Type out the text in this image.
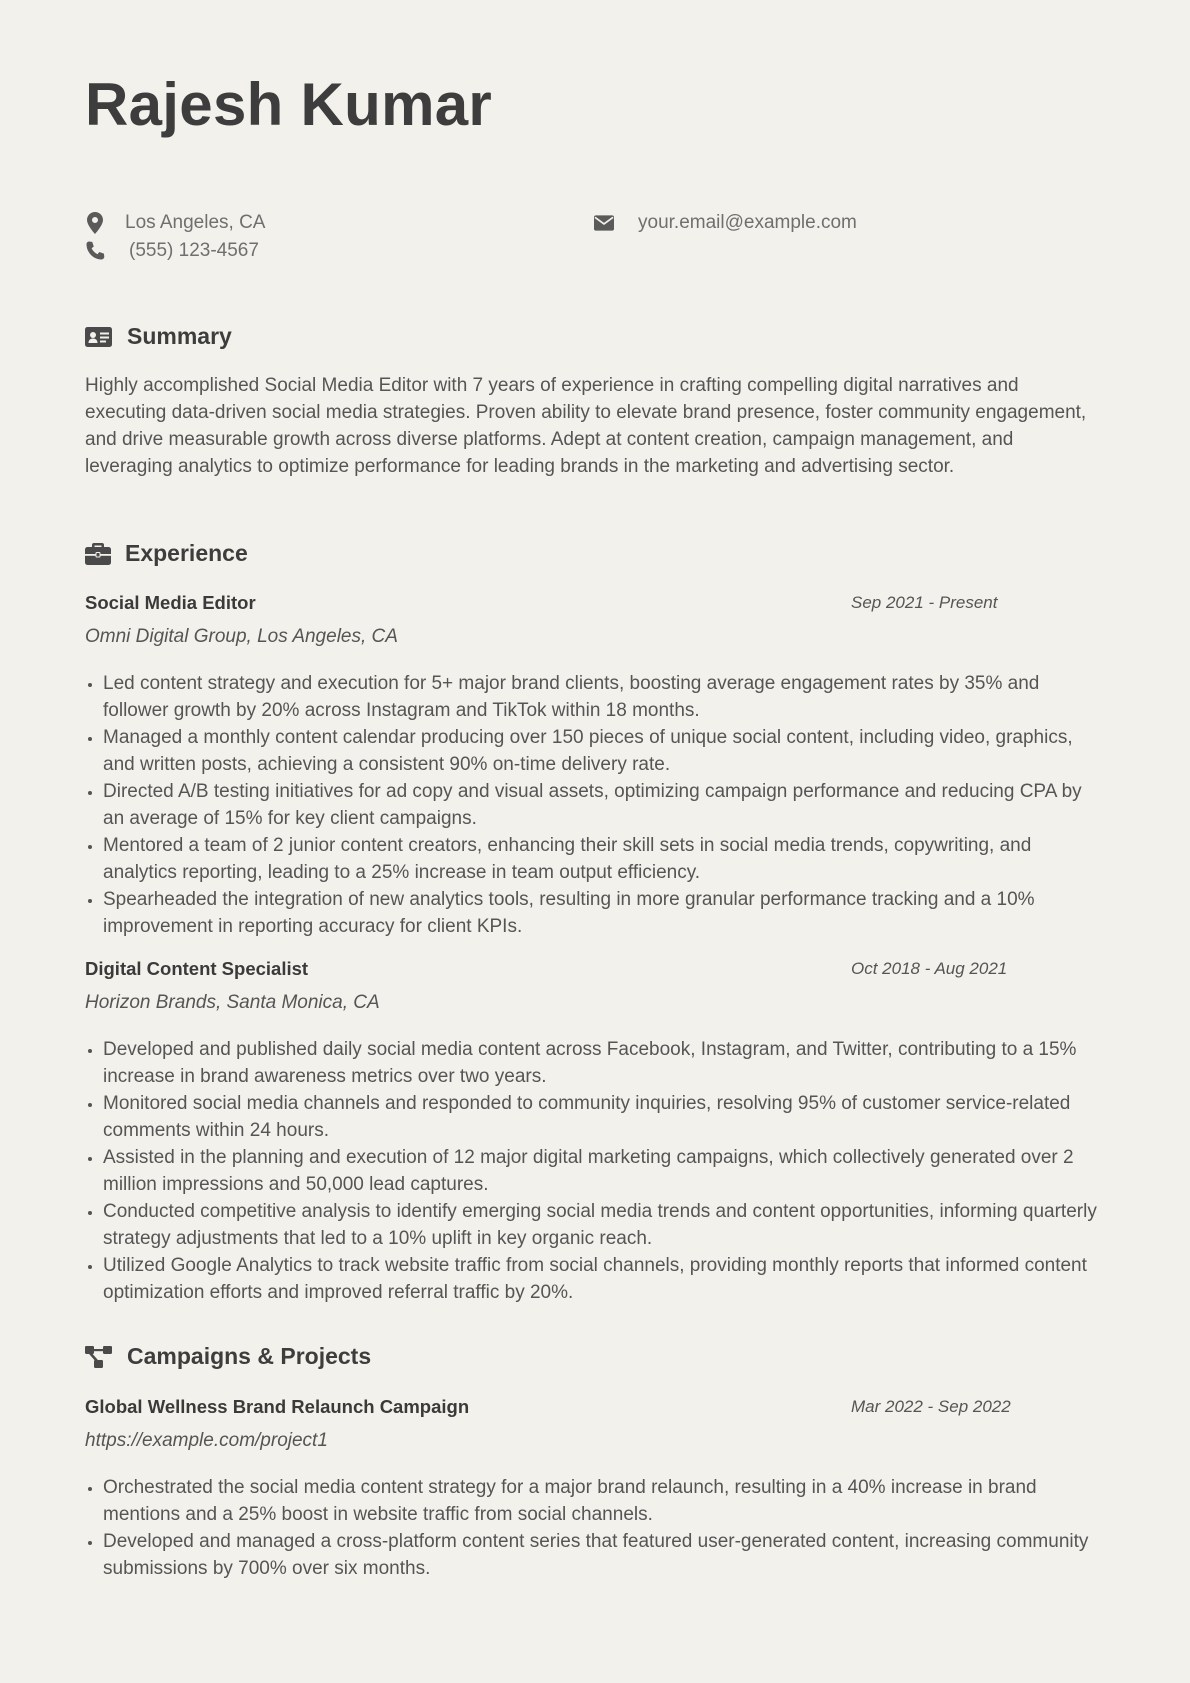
Rajesh Kumar
Los Angeles, CA
(555) 123-4567
your.email@example.com
Summary

Highly accomplished Social Media Editor with 7 years of experience in crafting compelling digital narratives and executing data-driven social media strategies. Proven ability to elevate brand presence, foster community engagement, and drive measurable growth across diverse platforms. Adept at content creation, campaign management, and leveraging analytics to optimize performance for leading brands in the marketing and advertising sector.

Experience
Social Media Editor	Sep 2021 - Present
Omni Digital Group, Los Angeles, CA
• Led content strategy and execution for 5+ major brand clients, boosting average engagement rates by 35% and follower growth by 20% across Instagram and TikTok within 18 months.
• Managed a monthly content calendar producing over 150 pieces of unique social content, including video, graphics, and written posts, achieving a consistent 90% on-time delivery rate.
• Directed A/B testing initiatives for ad copy and visual assets, optimizing campaign performance and reducing CPA by an average of 15% for key client campaigns.
• Mentored a team of 2 junior content creators, enhancing their skill sets in social media trends, copywriting, and analytics reporting, leading to a 25% increase in team output efficiency.
• Spearheaded the integration of new analytics tools, resulting in more granular performance tracking and a 10% improvement in reporting accuracy for client KPIs.
Digital Content Specialist	Oct 2018 - Aug 2021
Horizon Brands, Santa Monica, CA
• Developed and published daily social media content across Facebook, Instagram, and Twitter, contributing to a 15% increase in brand awareness metrics over two years.
• Monitored social media channels and responded to community inquiries, resolving 95% of customer service-related comments within 24 hours.
• Assisted in the planning and execution of 12 major digital marketing campaigns, which collectively generated over 2 million impressions and 50,000 lead captures.
• Conducted competitive analysis to identify emerging social media trends and content opportunities, informing quarterly strategy adjustments that led to a 10% uplift in key organic reach.
• Utilized Google Analytics to track website traffic from social channels, providing monthly reports that informed content optimization efforts and improved referral traffic by 20%.
Campaigns & Projects
Global Wellness Brand Relaunch Campaign	Mar 2022 - Sep 2022
https://example.com/project1
• Orchestrated the social media content strategy for a major brand relaunch, resulting in a 40% increase in brand mentions and a 25% boost in website traffic from social channels.
• Developed and managed a cross-platform content series that featured user-generated content, increasing community submissions by 700% over six months.
